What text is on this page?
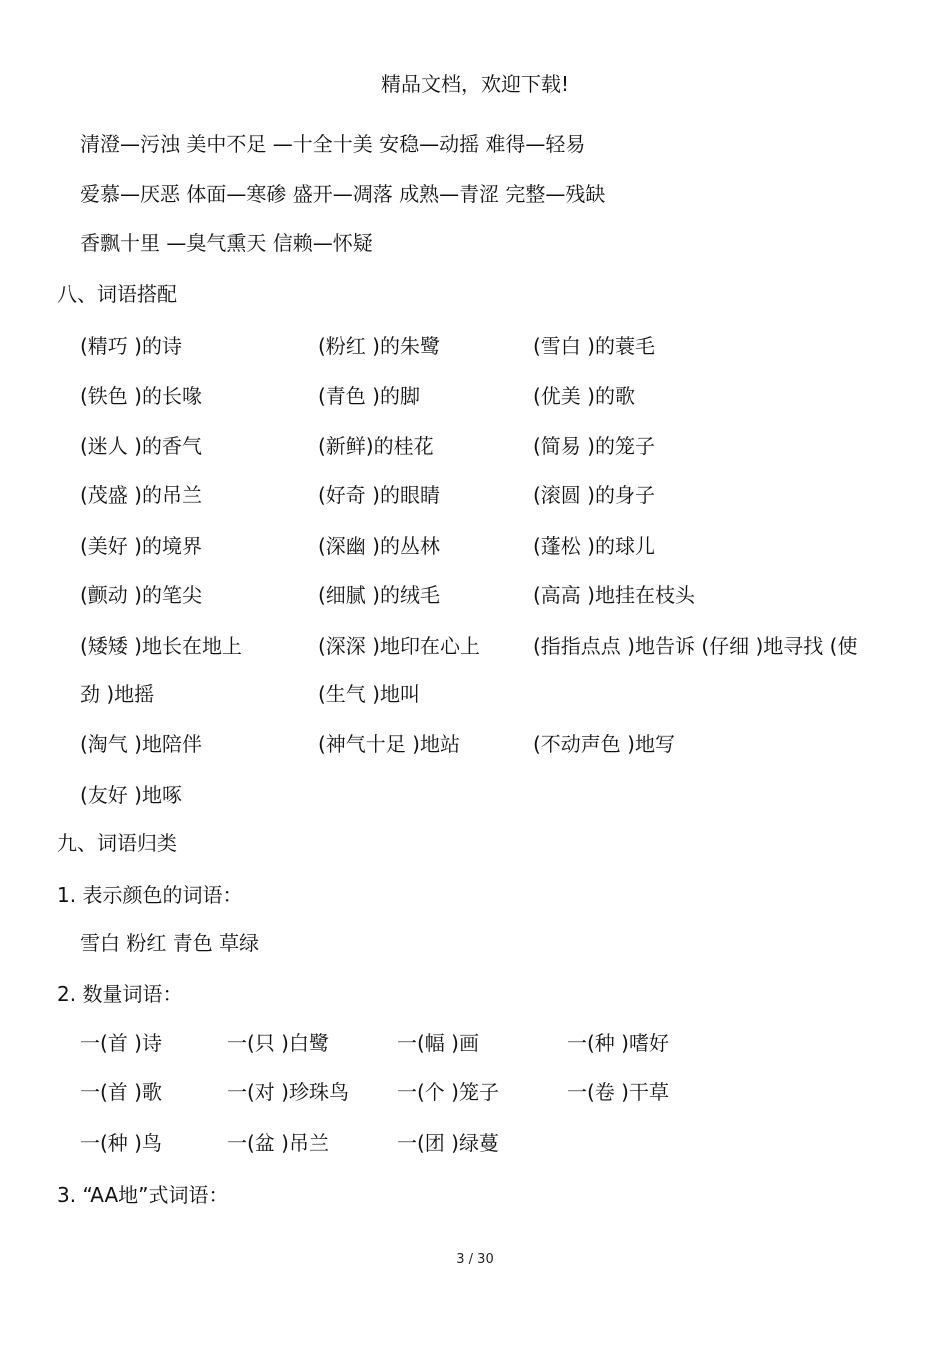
精品文档，欢迎下载!
清澄—污浊 美中不足 —十全十美 安稳—动摇 难得—轻易
爱慕—厌恶 体面—寒碜 盛开—凋落 成熟—青涩 完整—残缺
香飘十里 —臭气熏天 信赖—怀疑
八、词语搭配
(精巧 )的诗	(粉红 )的朱鹭	(雪白 )的蓑毛
(铁色 )的长喙	(青色 )的脚	(优美 )的歌
(迷人 )的香气	(新鲜)的桂花	(简易 )的笼子
(茂盛 )的吊兰	(好奇 )的眼睛	(滚圆 )的身子
(美好 )的境界	(深幽 )的丛林	(蓬松 )的球儿
(颤动 )的笔尖	(细腻 )的绒毛	(高高 )地挂在枝头
(矮矮 )地长在地上	(深深 )地印在心上	(指指点点 )地告诉 (仔细 )地寻找 (使
劲 )地摇	(生气 )地叫
(淘气 )地陪伴	(神气十足 )地站	(不动声色 )地写
(友好 )地啄
九、词语归类
1. 表示颜色的词语：
雪白 粉红 青色 草绿
2. 数量词语：
一(首 )诗	一(只 )白鹭	一(幅 )画	一(种 )嗜好
一(首 )歌	一(对 )珍珠鸟 一(个 )笼子	一(卷 )干草
一(种 )鸟	一(盆 )吊兰	一(团 )绿蔓
3. “AA地”式词语：
3 / 30
